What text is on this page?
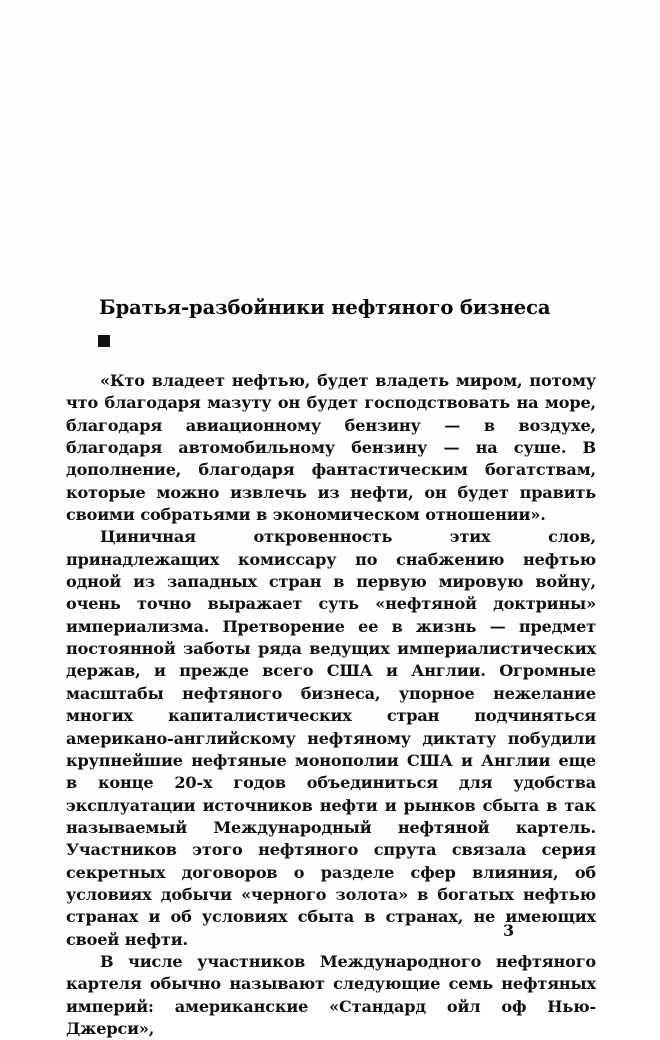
Братья-разбойники нефтяного бизнеса

«Кто владеет нефтью, будет владеть миром, потому что благодаря мазуту он будет господствовать на море, благодаря авиационному бензину — в воздухе, благодаря автомобильному бензину — на суше. В дополнение, благодаря фантастическим богатствам, которые можно извлечь из нефти, он будет править своими собратьями в экономическом отношении».

Циничная откровенность этих слов, принадлежащих комиссару по снабжению нефтью одной из западных стран в первую мировую войну, очень точно выражает суть «нефтяной доктрины» империализма. Претворение ее в жизнь — предмет постоянной заботы ряда ведущих империалистических держав, и прежде всего США и Англии. Огромные масштабы нефтяного бизнеса, упорное нежелание многих капиталистических стран подчиняться американо-английскому нефтяному диктату побудили крупнейшие нефтяные монополии США и Англии еще в конце 20-х годов объединиться для удобства эксплуатации источников нефти и рынков сбыта в так называемый Международный нефтяной картель. Участников этого нефтяного спрута связала серия секретных договоров о разделе сфер влияния, об условиях добычи «черного золота» в богатых нефтью странах и об условиях сбыта в странах, не имеющих своей нефти.

В числе участников Международного нефтяного картеля обычно называют следующие семь нефтяных империй: американские «Стандард ойл оф Нью-Джерси»,

3
